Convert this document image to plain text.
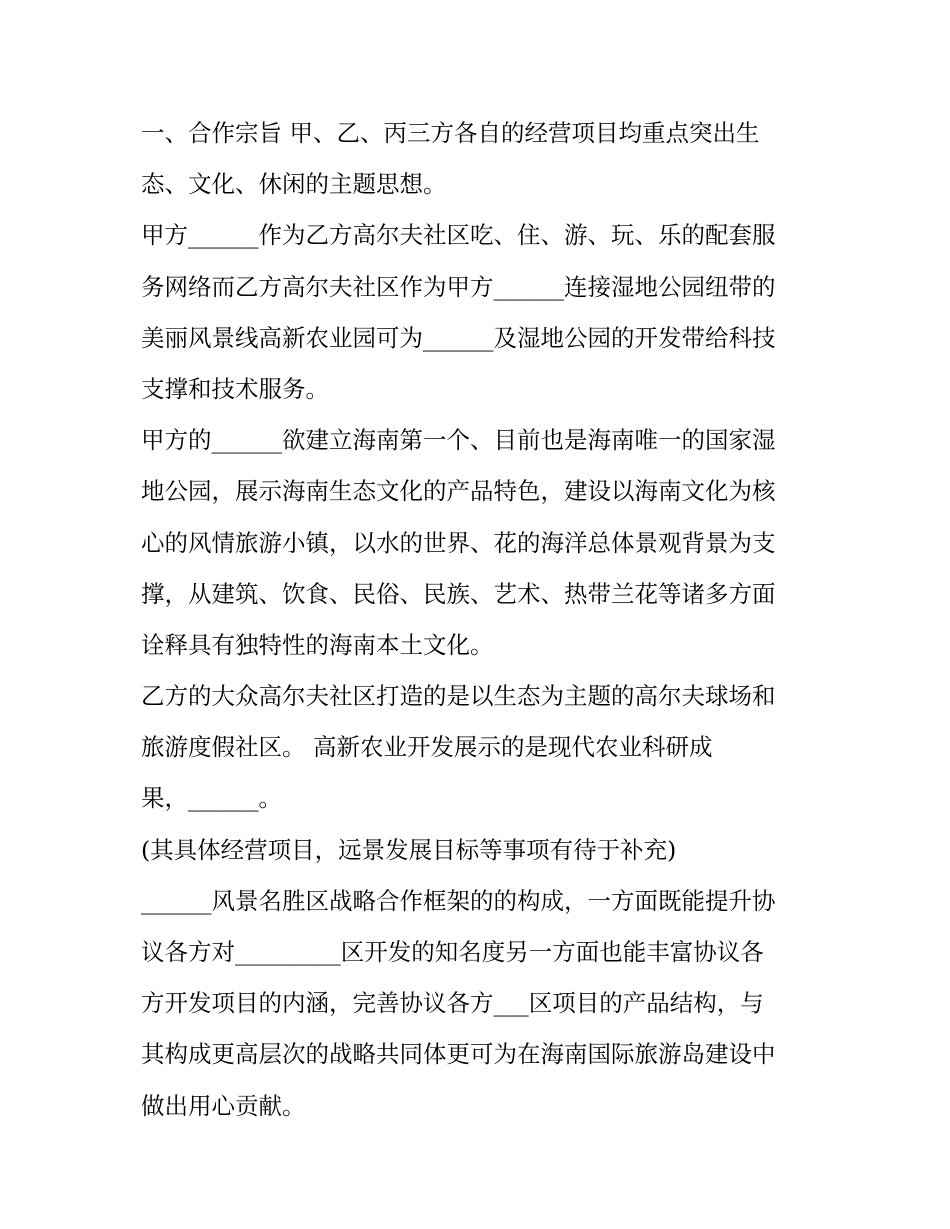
一、合作宗旨 甲、乙、丙三方各自的经营项目均重点突出生
态、文化、休闲的主题思想。
甲方______作为乙方高尔夫社区吃、住、游、玩、乐的配套服
务网络而乙方高尔夫社区作为甲方______连接湿地公园纽带的
美丽风景线高新农业园可为______及湿地公园的开发带给科技
支撑和技术服务。
甲方的______欲建立海南第一个、目前也是海南唯一的国家湿
地公园，展示海南生态文化的产品特色，建设以海南文化为核
心的风情旅游小镇，以水的世界、花的海洋总体景观背景为支
撑，从建筑、饮食、民俗、民族、艺术、热带兰花等诸多方面
诠释具有独特性的海南本土文化。
乙方的大众高尔夫社区打造的是以生态为主题的高尔夫球场和
旅游度假社区。 高新农业开发展示的是现代农业科研成
果，______。
(其具体经营项目，远景发展目标等事项有待于补充)
______风景名胜区战略合作框架的的构成，一方面既能提升协
议各方对_________区开发的知名度另一方面也能丰富协议各
方开发项目的内涵，完善协议各方___区项目的产品结构，与
其构成更高层次的战略共同体更可为在海南国际旅游岛建设中
做出用心贡献。
